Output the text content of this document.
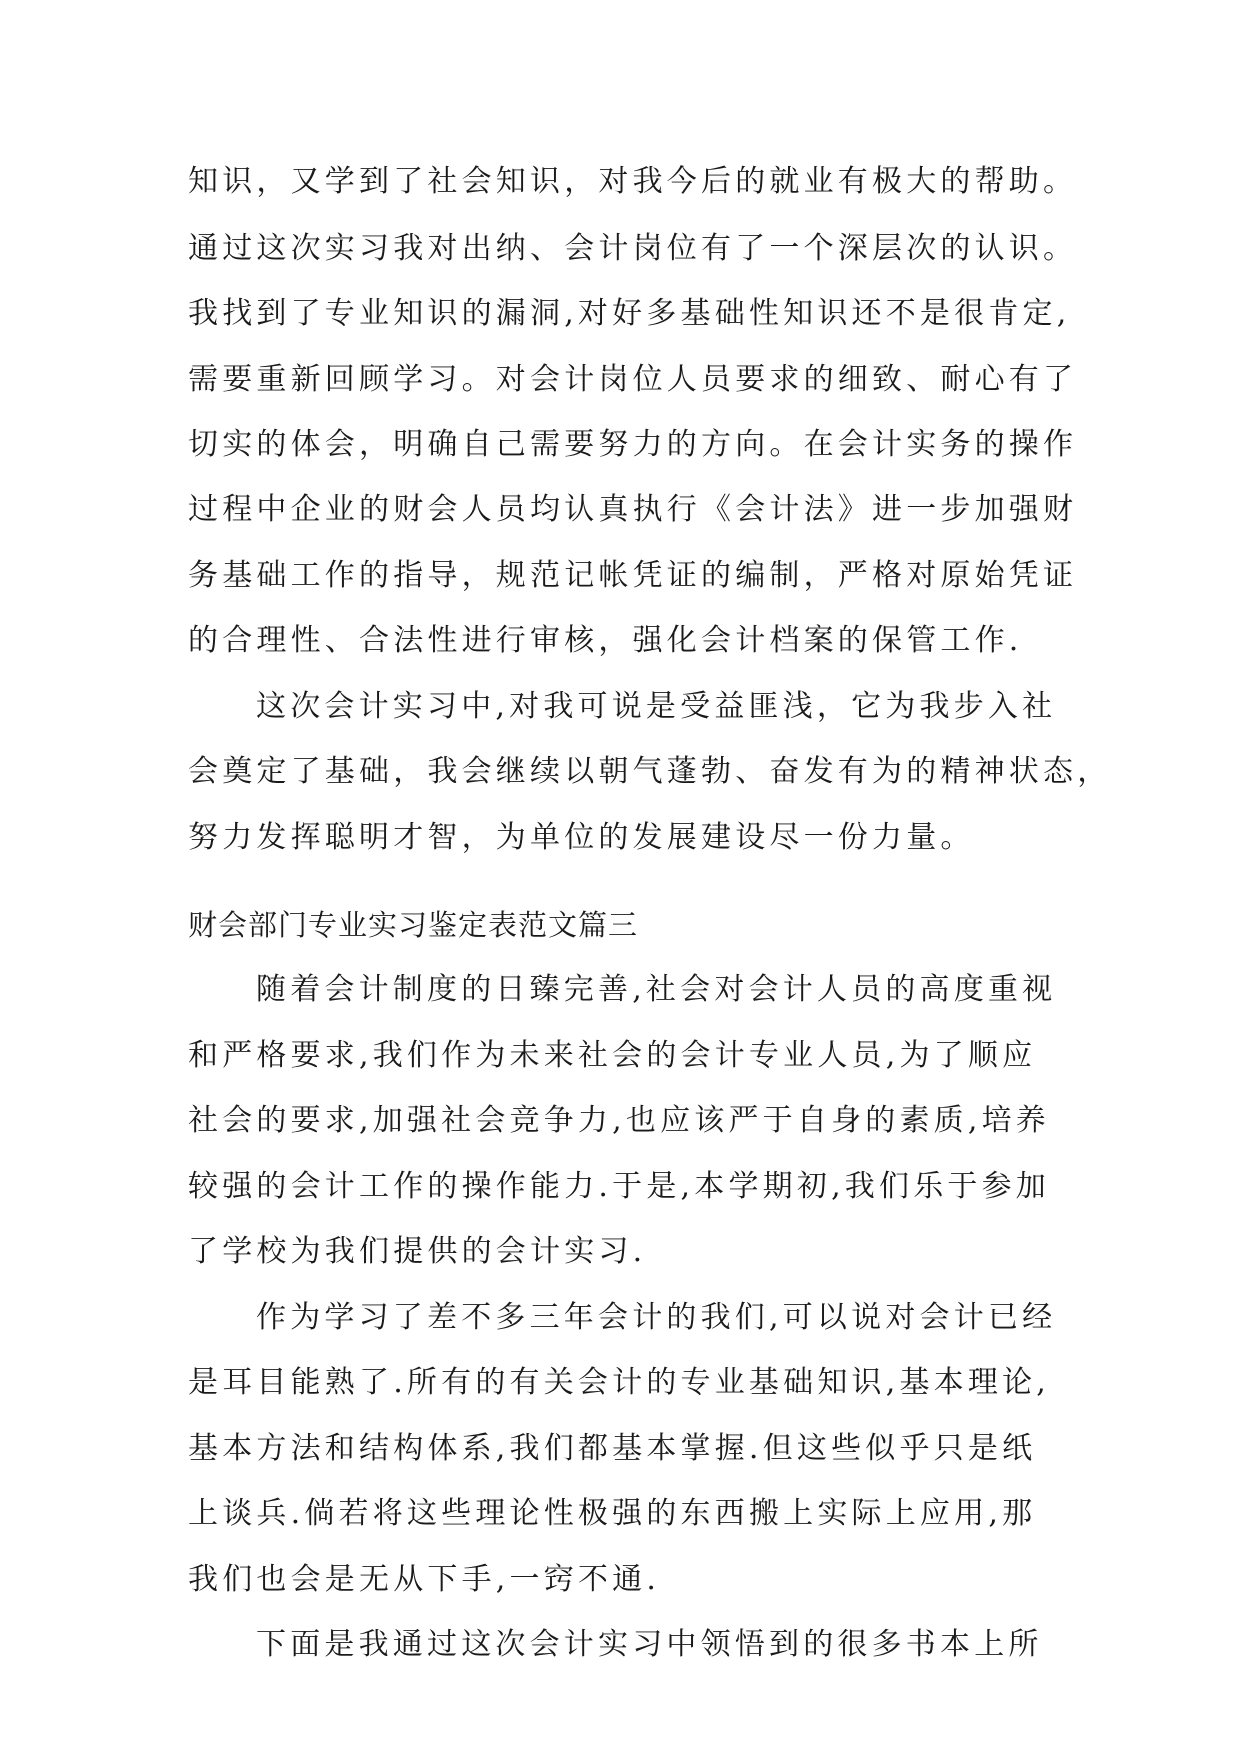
知识，又学到了社会知识，对我今后的就业有极大的帮助。
通过这次实习我对出纳、会计岗位有了一个深层次的认识。
我找到了专业知识的漏洞,对好多基础性知识还不是很肯定,
需要重新回顾学习。对会计岗位人员要求的细致、耐心有了
切实的体会，明确自己需要努力的方向。在会计实务的操作
过程中企业的财会人员均认真执行《会计法》进一步加强财
务基础工作的指导，规范记帐凭证的编制，严格对原始凭证
的合理性、合法性进行审核，强化会计档案的保管工作.
这次会计实习中,对我可说是受益匪浅，它为我步入社
会奠定了基础，我会继续以朝气蓬勃、奋发有为的精神状态，
努力发挥聪明才智，为单位的发展建设尽一份力量。
财会部门专业实习鉴定表范文篇三
随着会计制度的日臻完善,社会对会计人员的高度重视
和严格要求,我们作为未来社会的会计专业人员,为了顺应
社会的要求,加强社会竞争力,也应该严于自身的素质,培养
较强的会计工作的操作能力.于是,本学期初,我们乐于参加
了学校为我们提供的会计实习.
作为学习了差不多三年会计的我们,可以说对会计已经
是耳目能熟了.所有的有关会计的专业基础知识,基本理论,
基本方法和结构体系,我们都基本掌握.但这些似乎只是纸
上谈兵.倘若将这些理论性极强的东西搬上实际上应用,那
我们也会是无从下手,一窍不通.
下面是我通过这次会计实习中领悟到的很多书本上所
